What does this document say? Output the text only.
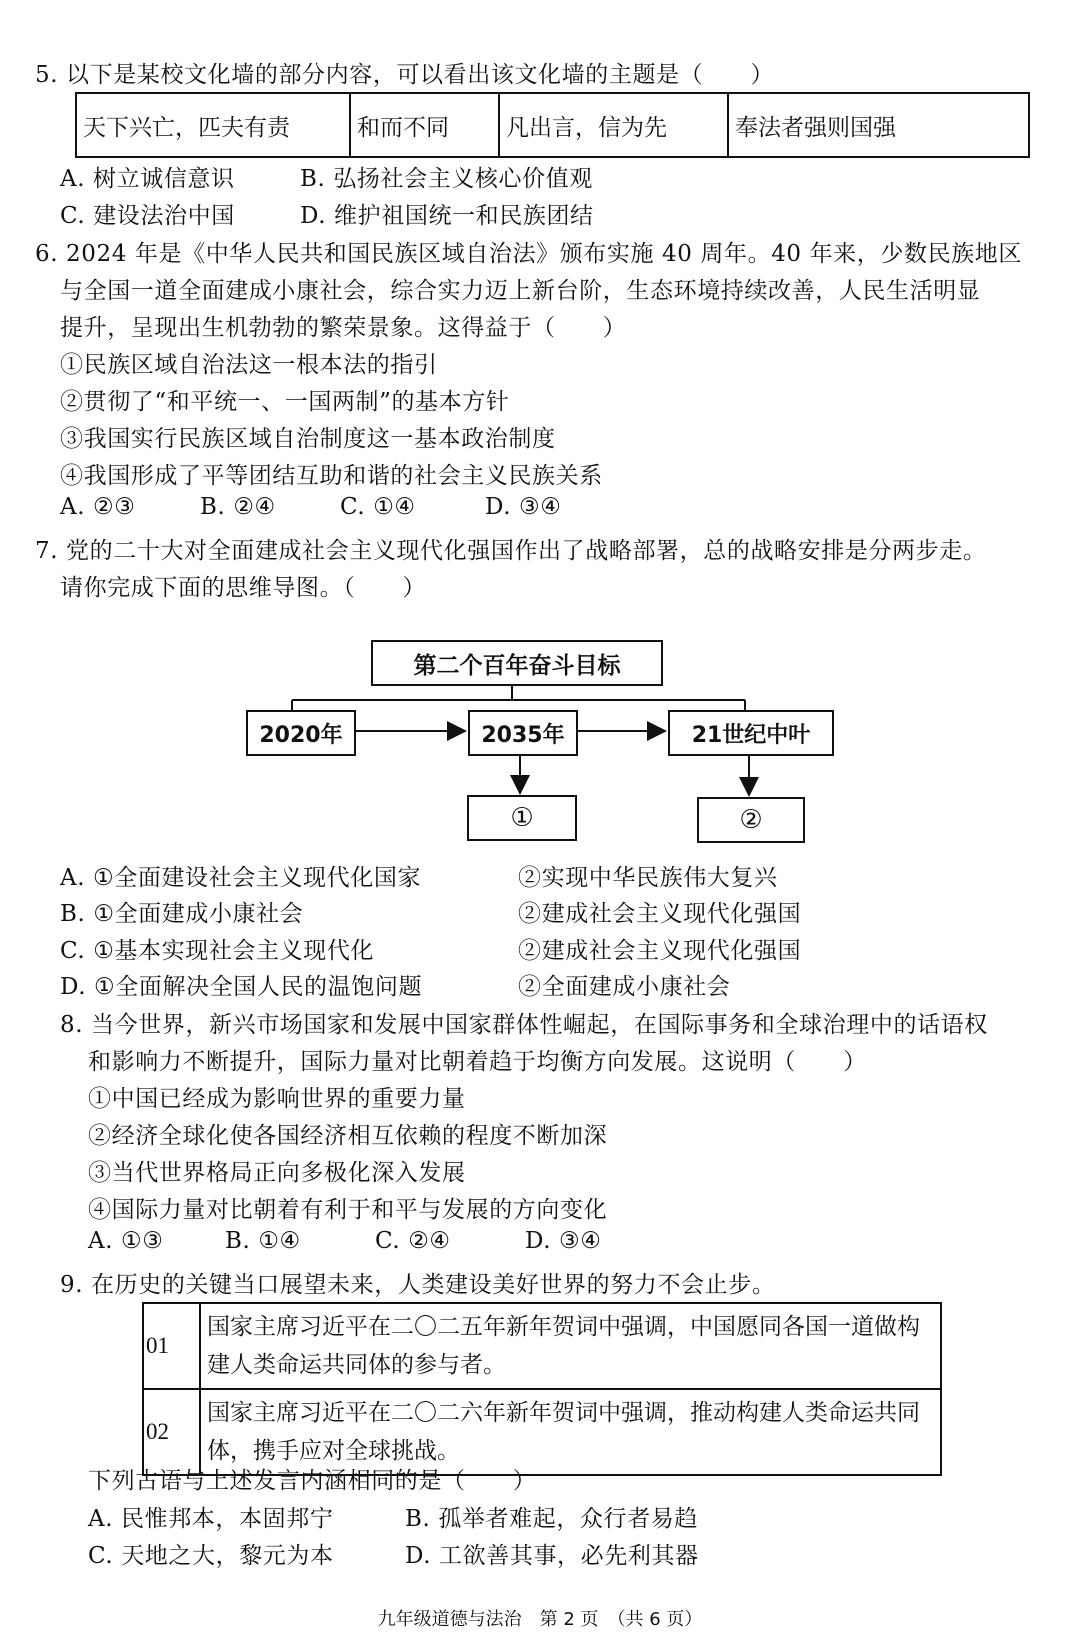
5. 以下是某校文化墙的部分内容，可以看出该文化墙的主题是（　　）
天下兴亡，匹夫有责	和而不同	凡出言，信为先	奉法者强则国强
A. 树立诚信意识	B. 弘扬社会主义核心价值观
C. 建设法治中国	D. 维护祖国统一和民族团结
6. 2024 年是《中华人民共和国民族区域自治法》颁布实施 40 周年。40 年来，少数民族地区
与全国一道全面建成小康社会，综合实力迈上新台阶，生态环境持续改善，人民生活明显
提升，呈现出生机勃勃的繁荣景象。这得益于（　　）
①民族区域自治法这一根本法的指引
②贯彻了“和平统一、一国两制”的基本方针
③我国实行民族区域自治制度这一基本政治制度
④我国形成了平等团结互助和谐的社会主义民族关系
A. ②③	B. ②④	C. ①④	D. ③④
7. 党的二十大对全面建成社会主义现代化强国作出了战略部署，总的战略安排是分两步走。
请你完成下面的思维导图。（　　）
第二个百年奋斗目标
2020年	2035年	21世纪中叶
①	②
A. ①全面建设社会主义现代化国家	②实现中华民族伟大复兴
B. ①全面建成小康社会	②建成社会主义现代化强国
C. ①基本实现社会主义现代化	②建成社会主义现代化强国
D. ①全面解决全国人民的温饱问题	②全面建成小康社会
8. 当今世界，新兴市场国家和发展中国家群体性崛起，在国际事务和全球治理中的话语权
和影响力不断提升，国际力量对比朝着趋于均衡方向发展。这说明（　　）
①中国已经成为影响世界的重要力量
②经济全球化使各国经济相互依赖的程度不断加深
③当代世界格局正向多极化深入发展
④国际力量对比朝着有利于和平与发展的方向变化
A. ①③	B. ①④	C. ②④	D. ③④
9. 在历史的关键当口展望未来，人类建设美好世界的努力不会止步。
01	国家主席习近平在二〇二五年新年贺词中强调，中国愿同各国一道做构建人类命运共同体的参与者。
02	国家主席习近平在二〇二六年新年贺词中强调，推动构建人类命运共同体，携手应对全球挑战。
下列古语与上述发言内涵相同的是（　　）
A. 民惟邦本，本固邦宁	B. 孤举者难起，众行者易趋
C. 天地之大，黎元为本	D. 工欲善其事，必先利其器
九年级道德与法治　第 2 页　（共 6 页）
